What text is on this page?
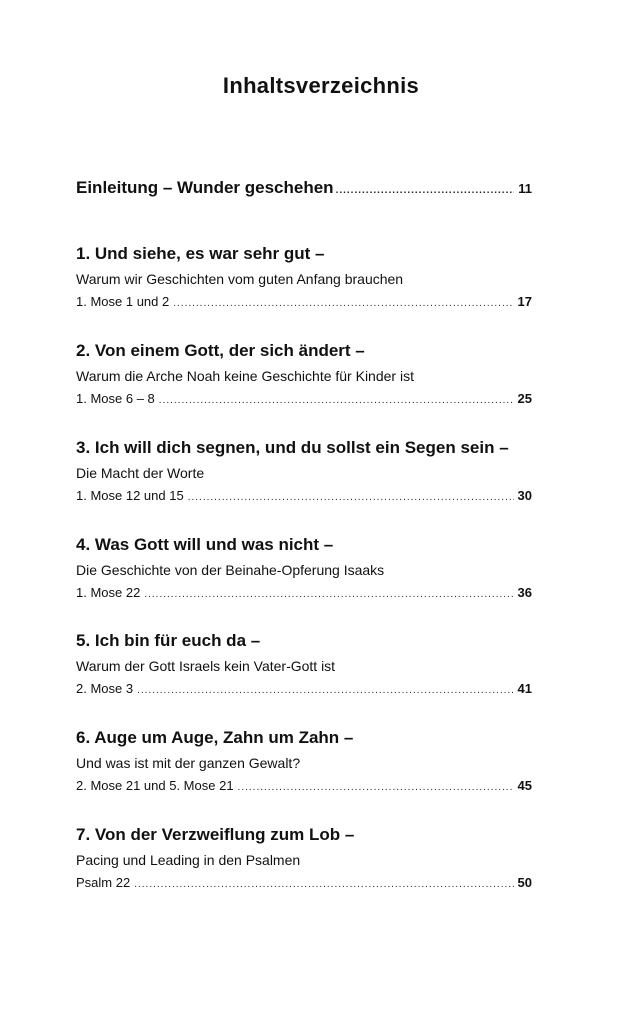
Inhaltsverzeichnis
Einleitung – Wunder geschehen .....	11
1. Und siehe, es war sehr gut –
Warum wir Geschichten vom guten Anfang brauchen
1. Mose 1 und 2 .....	17
2. Von einem Gott, der sich ändert –
Warum die Arche Noah keine Geschichte für Kinder ist
1. Mose 6 – 8 .....	25
3. Ich will dich segnen, und du sollst ein Segen sein –
Die Macht der Worte
1. Mose 12 und 15 .....	30
4. Was Gott will und was nicht –
Die Geschichte von der Beinahe-Opferung Isaaks
1. Mose 22 .....	36
5. Ich bin für euch da –
Warum der Gott Israels kein Vater-Gott ist
2. Mose 3 .....	41
6. Auge um Auge, Zahn um Zahn –
Und was ist mit der ganzen Gewalt?
2. Mose 21 und 5. Mose 21 .....	45
7. Von der Verzweiflung zum Lob –
Pacing und Leading in den Psalmen
Psalm 22 .....	50
